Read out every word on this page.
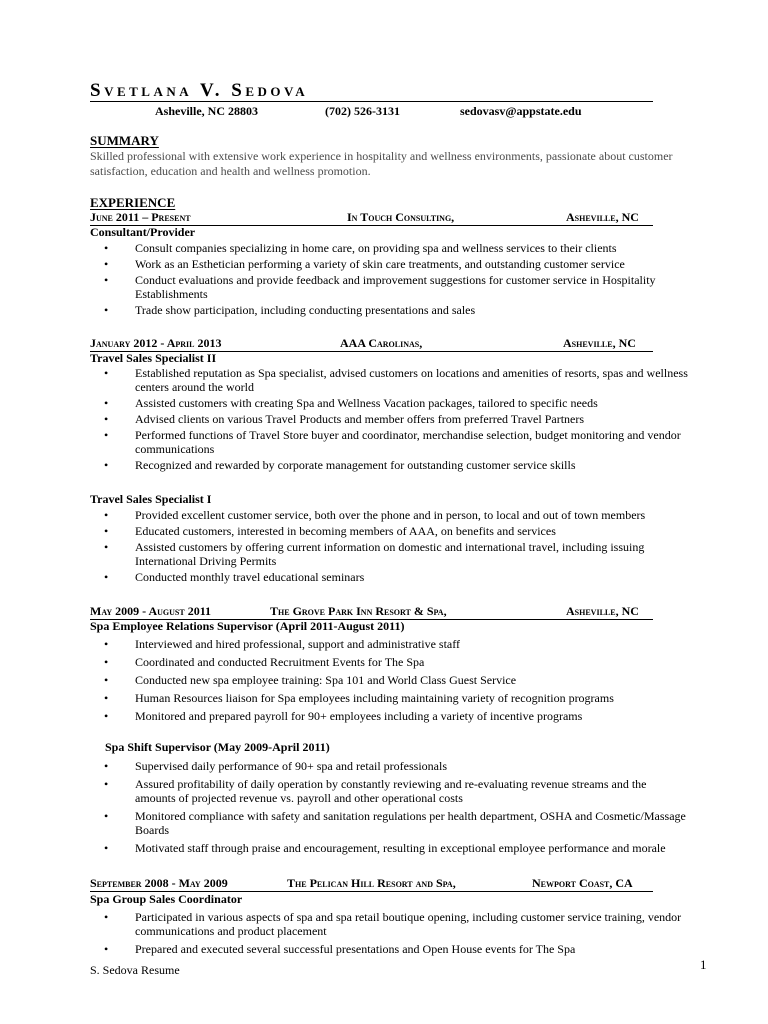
Svetlana V. Sedova
Asheville, NC 28803	(702) 526-3131	sedovasv@appstate.edu
SUMMARY
Skilled professional with extensive work experience in hospitality and wellness environments, passionate about customer satisfaction, education and health and wellness promotion.
EXPERIENCE
June 2011 – Present	In Touch Consulting,	Asheville, NC
Consultant/Provider
• Consult companies specializing in home care, on providing spa and wellness services to their clients
• Work as an Esthetician performing a variety of skin care treatments, and outstanding customer service
• Conduct evaluations and provide feedback and improvement suggestions for customer service in Hospitality Establishments
• Trade show participation, including conducting presentations and sales
January 2012 - April 2013	AAA Carolinas,	Asheville, NC
Travel Sales Specialist II
• Established reputation as Spa specialist, advised customers on locations and amenities of resorts, spas and wellness centers around the world
• Assisted customers with creating Spa and Wellness Vacation packages, tailored to specific needs
• Advised clients on various Travel Products and member offers from preferred Travel Partners
• Performed functions of Travel Store buyer and coordinator, merchandise selection, budget monitoring and vendor communications
• Recognized and rewarded by corporate management for outstanding customer service skills
Travel Sales Specialist I
• Provided excellent customer service, both over the phone and in person, to local and out of town members
• Educated customers, interested in becoming members of AAA, on benefits and services
• Assisted customers by offering current information on domestic and international travel, including issuing International Driving Permits
• Conducted monthly travel educational seminars
May 2009 - August 2011	The Grove Park Inn Resort & Spa,	Asheville, NC
Spa Employee Relations Supervisor (April 2011-August 2011)
• Interviewed and hired professional, support and administrative staff
• Coordinated and conducted Recruitment Events for The Spa
• Conducted new spa employee training: Spa 101 and World Class Guest Service
• Human Resources liaison for Spa employees including maintaining variety of recognition programs
• Monitored and prepared payroll for 90+ employees including a variety of incentive programs
Spa Shift Supervisor (May 2009-April 2011)
• Supervised daily performance of 90+ spa and retail professionals
• Assured profitability of daily operation by constantly reviewing and re-evaluating revenue streams and the amounts of projected revenue vs. payroll and other operational costs
• Monitored compliance with safety and sanitation regulations per health department, OSHA and Cosmetic/Massage Boards
• Motivated staff through praise and encouragement, resulting in exceptional employee performance and morale
September 2008 - May 2009	The Pelican Hill Resort and Spa,	Newport Coast, CA
Spa Group Sales Coordinator
• Participated in various aspects of spa and spa retail boutique opening, including customer service training, vendor communications and product placement
• Prepared and executed several successful presentations and Open House events for The Spa
S. Sedova Resume	1
